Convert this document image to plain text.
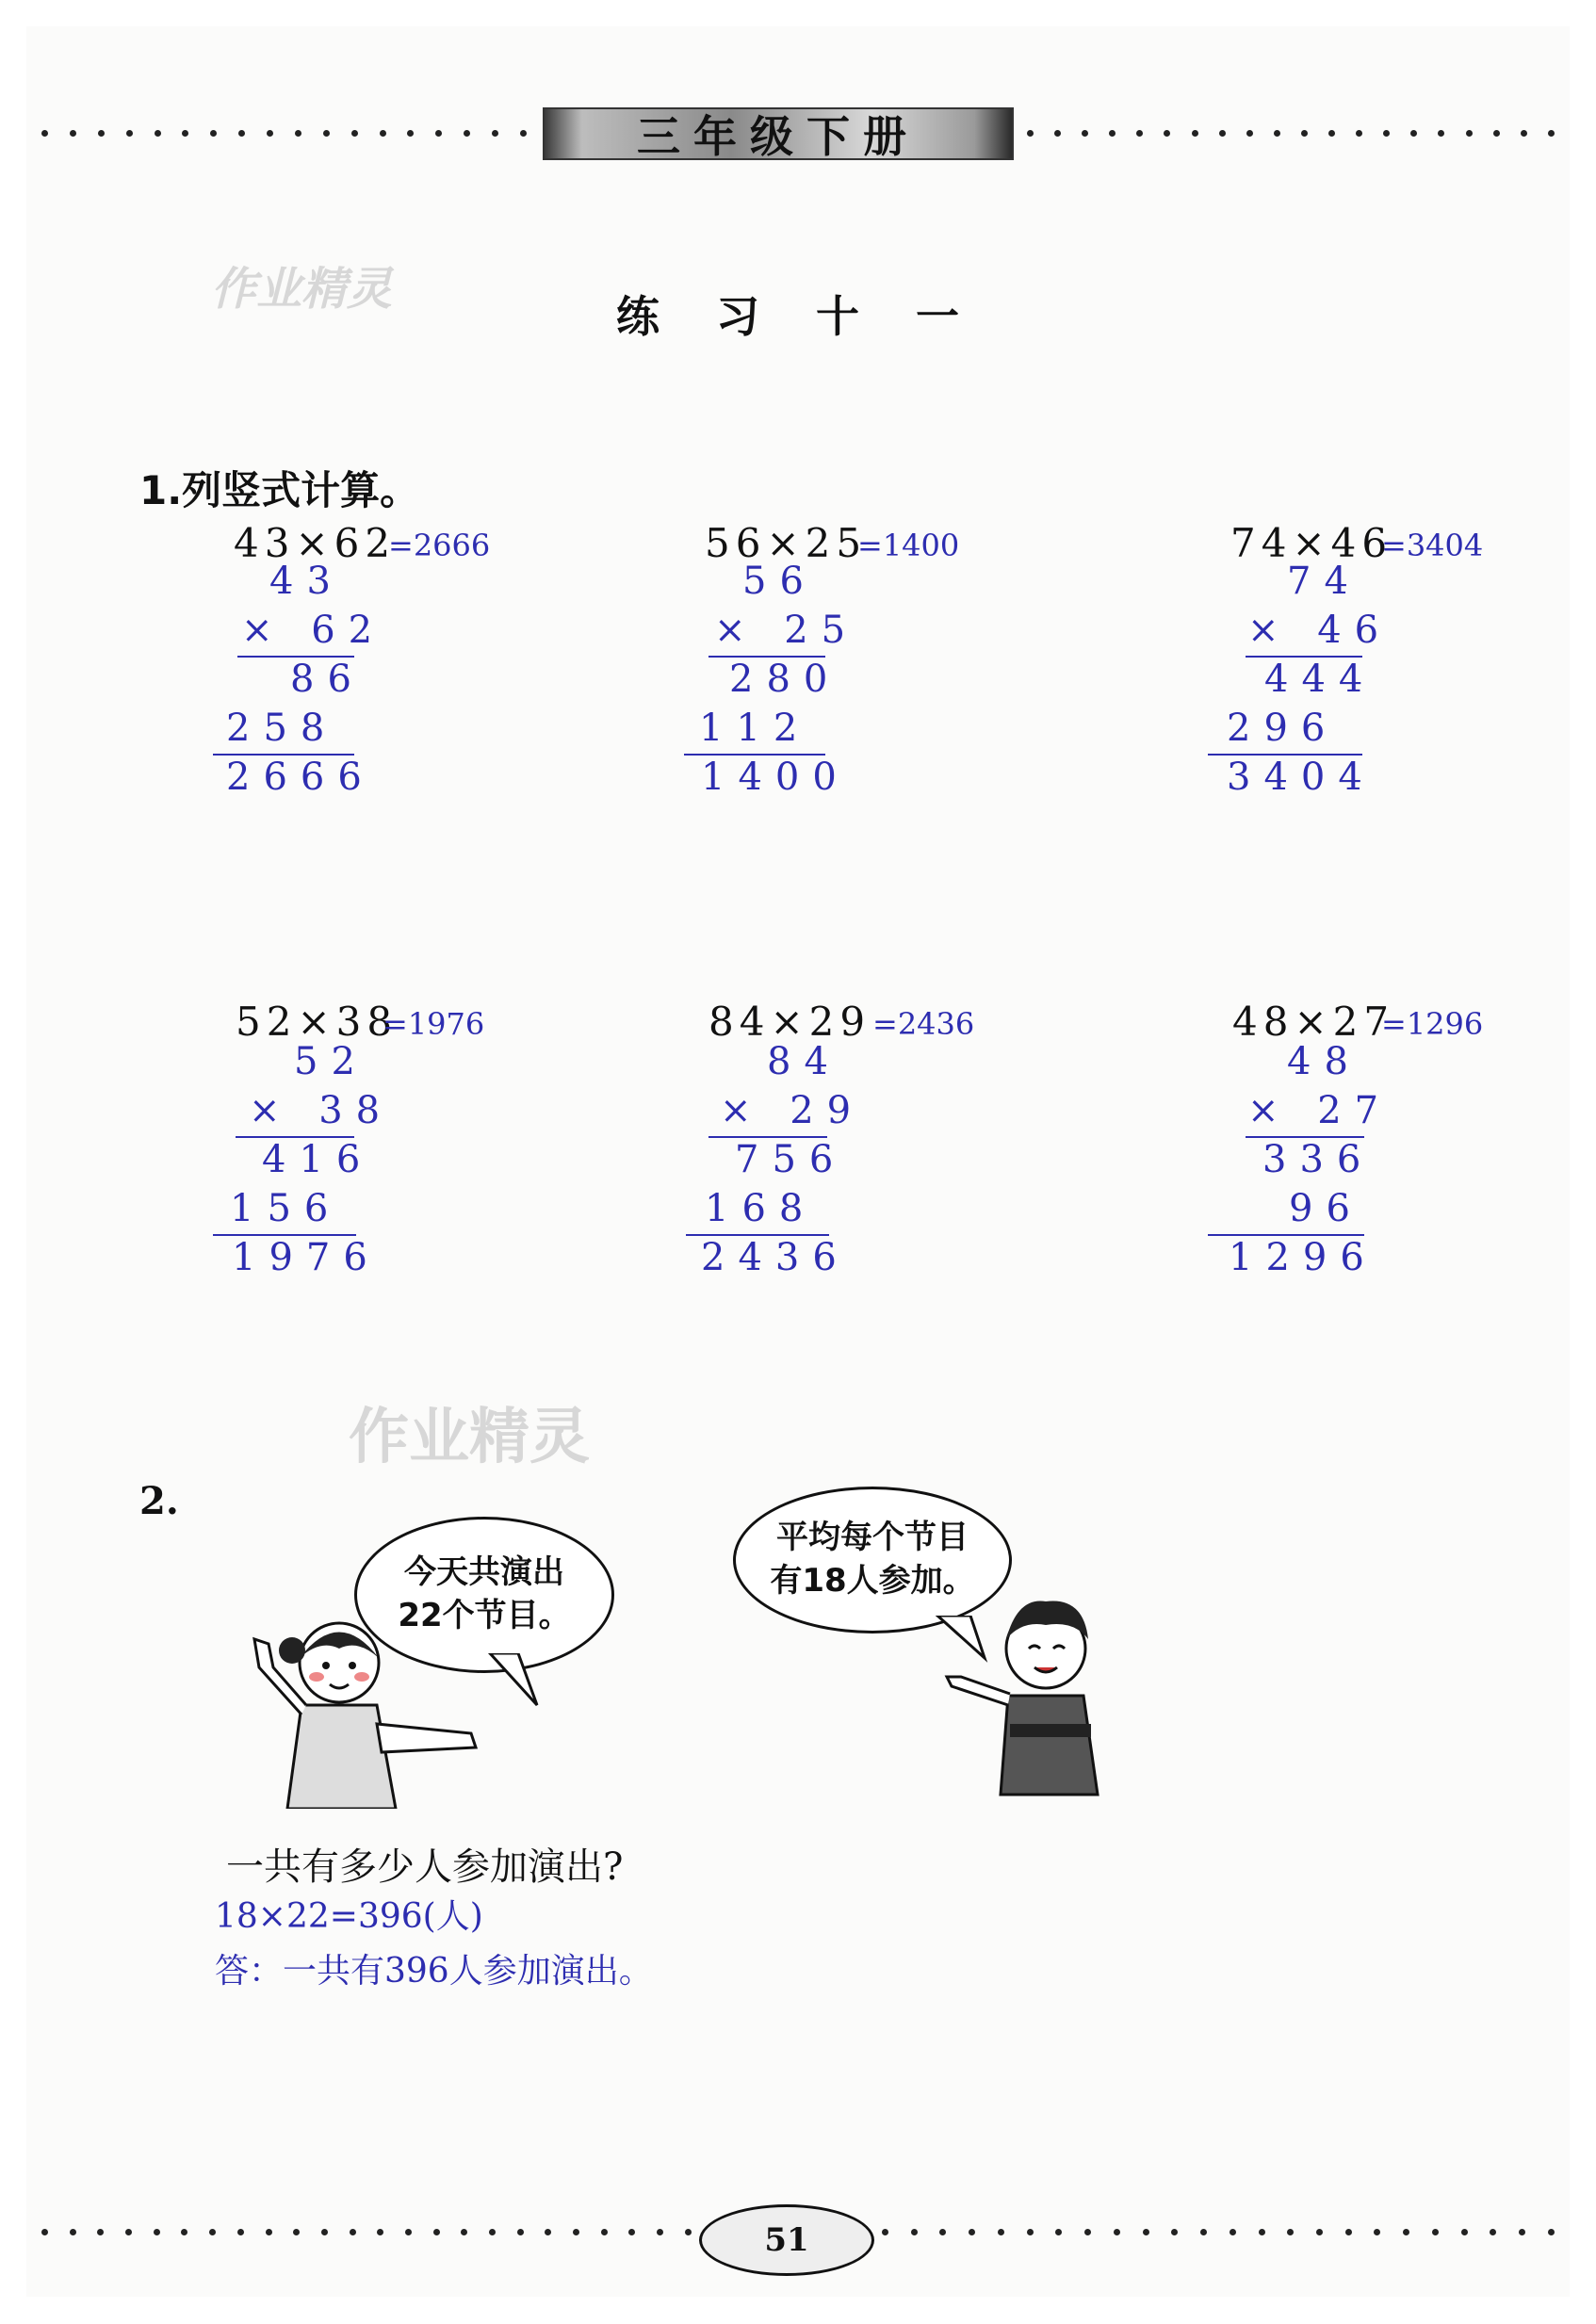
三年级下册
作业精灵
练 习 十 一
1.列竖式计算。
43×62
=2666
43
× 62
86
258
2666
56×25
=1400
56
× 25
280
112
1400
74×46
=3404
74
× 46
444
296
3404
52×38
=1976
52
× 38
416
156
1976
84×29 =2436
84
× 29
756
168
2436
48×27
=1296
48
× 27
336
96
1296
作业精灵
2.
今天共演出
22个节目。
平均每个节目
有18人参加。
一共有多少人参加演出?
18×22=396(人)
答：一共有396人参加演出。
51
